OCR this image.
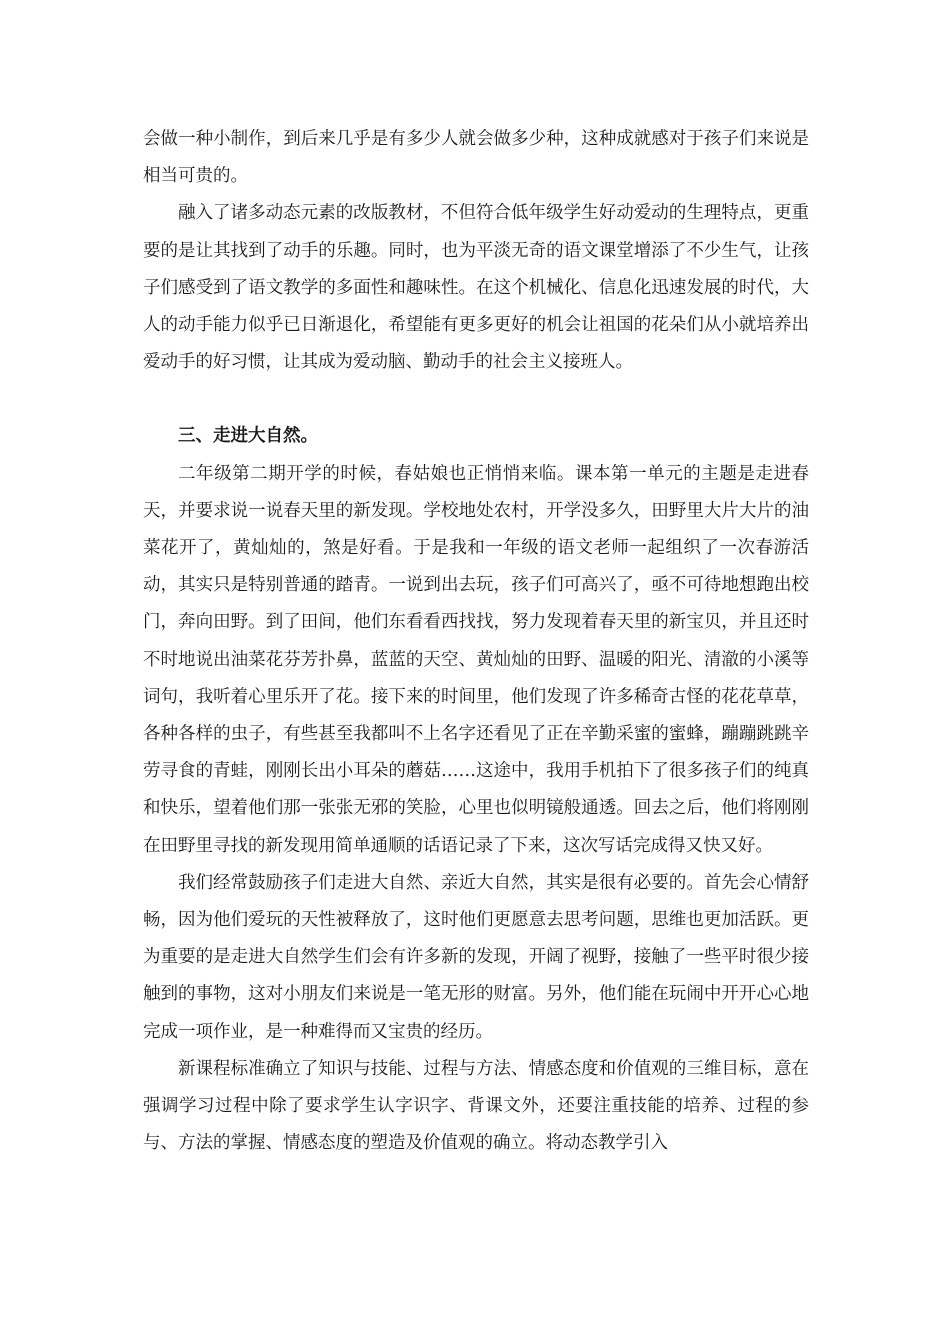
会做一种小制作，到后来几乎是有多少人就会做多少种，这种成就感对于孩子们来说是相当可贵的。

融入了诸多动态元素的改版教材，不但符合低年级学生好动爱动的生理特点，更重要的是让其找到了动手的乐趣。同时，也为平淡无奇的语文课堂增添了不少生气，让孩子们感受到了语文教学的多面性和趣味性。在这个机械化、信息化迅速发展的时代，大人的动手能力似乎已日渐退化，希望能有更多更好的机会让祖国的花朵们从小就培养出爱动手的好习惯，让其成为爱动脑、勤动手的社会主义接班人。

三、走进大自然。

二年级第二期开学的时候，春姑娘也正悄悄来临。课本第一单元的主题是走进春天，并要求说一说春天里的新发现。学校地处农村，开学没多久，田野里大片大片的油菜花开了，黄灿灿的，煞是好看。于是我和一年级的语文老师一起组织了一次春游活动，其实只是特别普通的踏青。一说到出去玩，孩子们可高兴了，亟不可待地想跑出校门，奔向田野。到了田间，他们东看看西找找，努力发现着春天里的新宝贝，并且还时不时地说出油菜花芬芳扑鼻，蓝蓝的天空、黄灿灿的田野、温暖的阳光、清澈的小溪等词句，我听着心里乐开了花。接下来的时间里，他们发现了许多稀奇古怪的花花草草，各种各样的虫子，有些甚至我都叫不上名字还看见了正在辛勤采蜜的蜜蜂，蹦蹦跳跳辛劳寻食的青蛙，刚刚长出小耳朵的蘑菇……这途中，我用手机拍下了很多孩子们的纯真和快乐，望着他们那一张张无邪的笑脸，心里也似明镜般通透。回去之后，他们将刚刚在田野里寻找的新发现用简单通顺的话语记录了下来，这次写话完成得又快又好。

我们经常鼓励孩子们走进大自然、亲近大自然，其实是很有必要的。首先会心情舒畅，因为他们爱玩的天性被释放了，这时他们更愿意去思考问题，思维也更加活跃。更为重要的是走进大自然学生们会有许多新的发现，开阔了视野，接触了一些平时很少接触到的事物，这对小朋友们来说是一笔无形的财富。另外，他们能在玩闹中开开心心地完成一项作业，是一种难得而又宝贵的经历。

新课程标准确立了知识与技能、过程与方法、情感态度和价值观的三维目标，意在强调学习过程中除了要求学生认字识字、背课文外，还要注重技能的培养、过程的参与、方法的掌握、情感态度的塑造及价值观的确立。将动态教学引入
